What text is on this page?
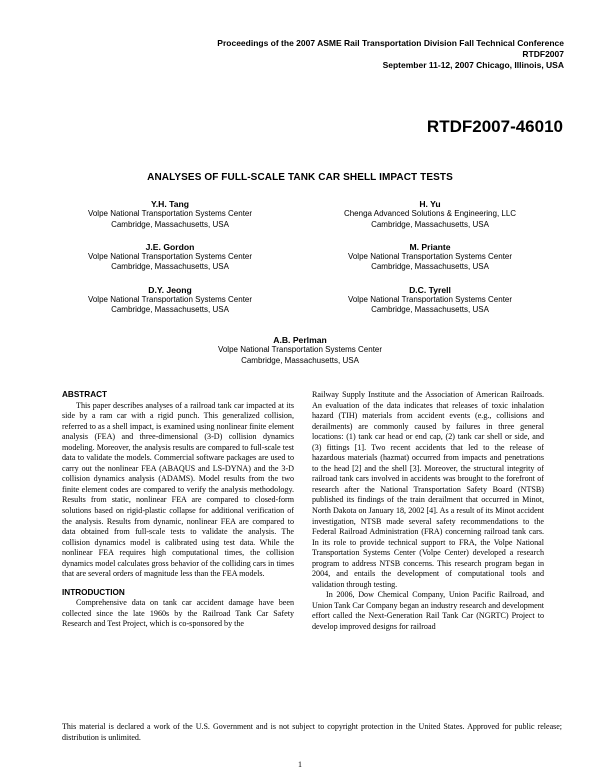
Proceedings of the 2007 ASME Rail Transportation Division Fall Technical Conference
RTDF2007
September 11-12, 2007 Chicago, Illinois, USA
RTDF2007-46010
ANALYSES OF FULL-SCALE TANK CAR SHELL IMPACT TESTS
Y.H. Tang
Volpe National Transportation Systems Center
Cambridge, Massachusetts, USA
H. Yu
Chenga Advanced Solutions & Engineering, LLC
Cambridge, Massachusetts, USA
J.E. Gordon
Volpe National Transportation Systems Center
Cambridge, Massachusetts, USA
M. Priante
Volpe National Transportation Systems Center
Cambridge, Massachusetts, USA
D.Y. Jeong
Volpe National Transportation Systems Center
Cambridge, Massachusetts, USA
D.C. Tyrell
Volpe National Transportation Systems Center
Cambridge, Massachusetts, USA
A.B. Perlman
Volpe National Transportation Systems Center
Cambridge, Massachusetts, USA

ABSTRACT

This paper describes analyses of a railroad tank car impacted at its side by a ram car with a rigid punch. This generalized collision, referred to as a shell impact, is examined using nonlinear finite element analysis (FEA) and three-dimensional (3-D) collision dynamics modeling. Moreover, the analysis results are compared to full-scale test data to validate the models. Commercial software packages are used to carry out the nonlinear FEA (ABAQUS and LS-DYNA) and the 3-D collision dynamics analysis (ADAMS). Model results from the two finite element codes are compared to verify the analysis methodology. Results from static, nonlinear FEA are compared to closed-form solutions based on rigid-plastic collapse for additional verification of the analysis. Results from dynamic, nonlinear FEA are compared to data obtained from full-scale tests to validate the analysis. The collision dynamics model is calibrated using test data. While the nonlinear FEA requires high computational times, the collision dynamics model calculates gross behavior of the colliding cars in times that are several orders of magnitude less than the FEA models.

INTRODUCTION

Comprehensive data on tank car accident damage have been collected since the late 1960s by the Railroad Tank Car Safety Research and Test Project, which is co-sponsored by the

Railway Supply Institute and the Association of American Railroads. An evaluation of the data indicates that releases of toxic inhalation hazard (TIH) materials from accident events (e.g., collisions and derailments) are commonly caused by failures in three general locations: (1) tank car head or end cap, (2) tank car shell or side, and (3) fittings [1]. Two recent accidents that led to the release of hazardous materials (hazmat) occurred from impacts and penetrations to the head [2] and the shell [3]. Moreover, the structural integrity of railroad tank cars involved in accidents was brought to the forefront of research after the National Transportation Safety Board (NTSB) published its findings of the train derailment that occurred in Minot, North Dakota on January 18, 2002 [4]. As a result of its Minot accident investigation, NTSB made several safety recommendations to the Federal Railroad Administration (FRA) concerning railroad tank cars. In its role to provide technical support to FRA, the Volpe National Transportation Systems Center (Volpe Center) developed a research program to address NTSB concerns. This research program began in 2004, and entails the development of computational tools and validation through testing.

In 2006, Dow Chemical Company, Union Pacific Railroad, and Union Tank Car Company began an industry research and development effort called the Next-Generation Rail Tank Car (NGRTC) Project to develop improved designs for railroad

This material is declared a work of the U.S. Government and is not subject to copyright protection in the United States. Approved for public release; distribution is unlimited.
1
